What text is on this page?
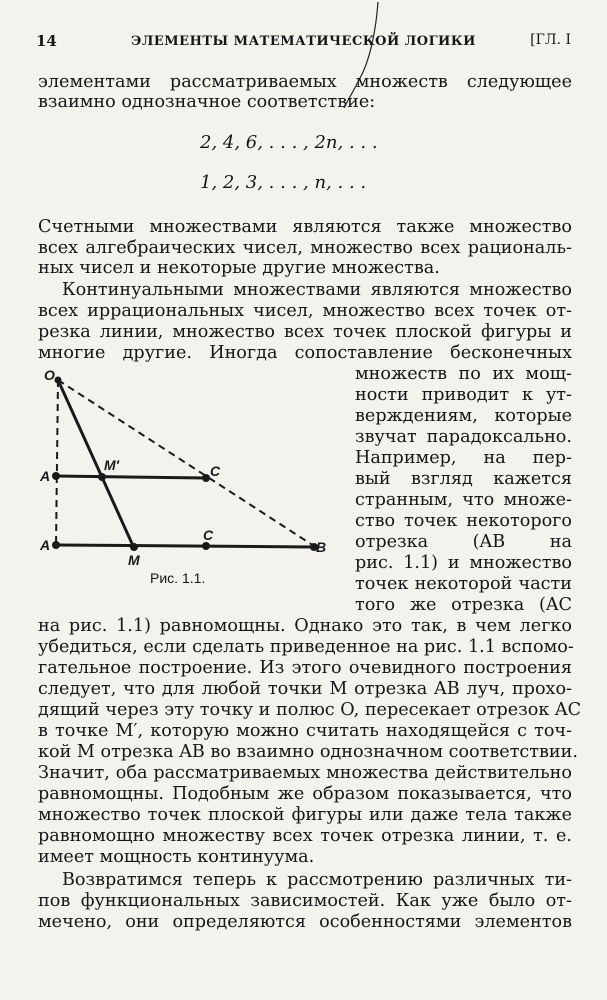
14	ЭЛЕМЕНТЫ МАТЕМАТИЧЕСКОЙ ЛОГИКИ	[ГЛ. I
элементами рассматриваемых множеств следующее
взаимно однозначное соответствие:
2, 4, 6, . . . , 2n, . . .
1, 2, 3, . . . , n, . . .
Счетными множествами являются также множество
всех алгебраических чисел, множество всех рациональ-
ных чисел и некоторые другие множества.
Континуальными множествами являются множество
всех иррациональных чисел, множество всех точек от-
резка линии, множество всех точек плоской фигуры и
многие другие. Иногда сопоставление бесконечных
множеств по их мощ-
ности приводит к ут-
верждениям, которые
звучат парадоксально.
Например, на пер-
вый взгляд кажется
странным, что множе-
ство точек некоторого
отрезка (AB на
рис. 1.1) и множество
точек некоторой части
того же отрезка (AC
O
A
M′	C
A
M
C
B
Рис. 1.1.
на рис. 1.1) равномощны. Однако это так, в чем легко
убедиться, если сделать приведенное на рис. 1.1 вспомо-
гательное построение. Из этого очевидного построения
следует, что для любой точки M отрезка AB луч, прохо-
дящий через эту точку и полюс O, пересекает отрезок AC
в точке M′, которую можно считать находящейся с точ-
кой M отрезка AB во взаимно однозначном соответствии.
Значит, оба рассматриваемых множества действительно
равномощны. Подобным же образом показывается, что
множество точек плоской фигуры или даже тела также
равномощно множеству всех точек отрезка линии, т. е.
имеет мощность континуума.
Возвратимся теперь к рассмотрению различных ти-
пов функциональных зависимостей. Как уже было от-
мечено, они определяются особенностями элементов
